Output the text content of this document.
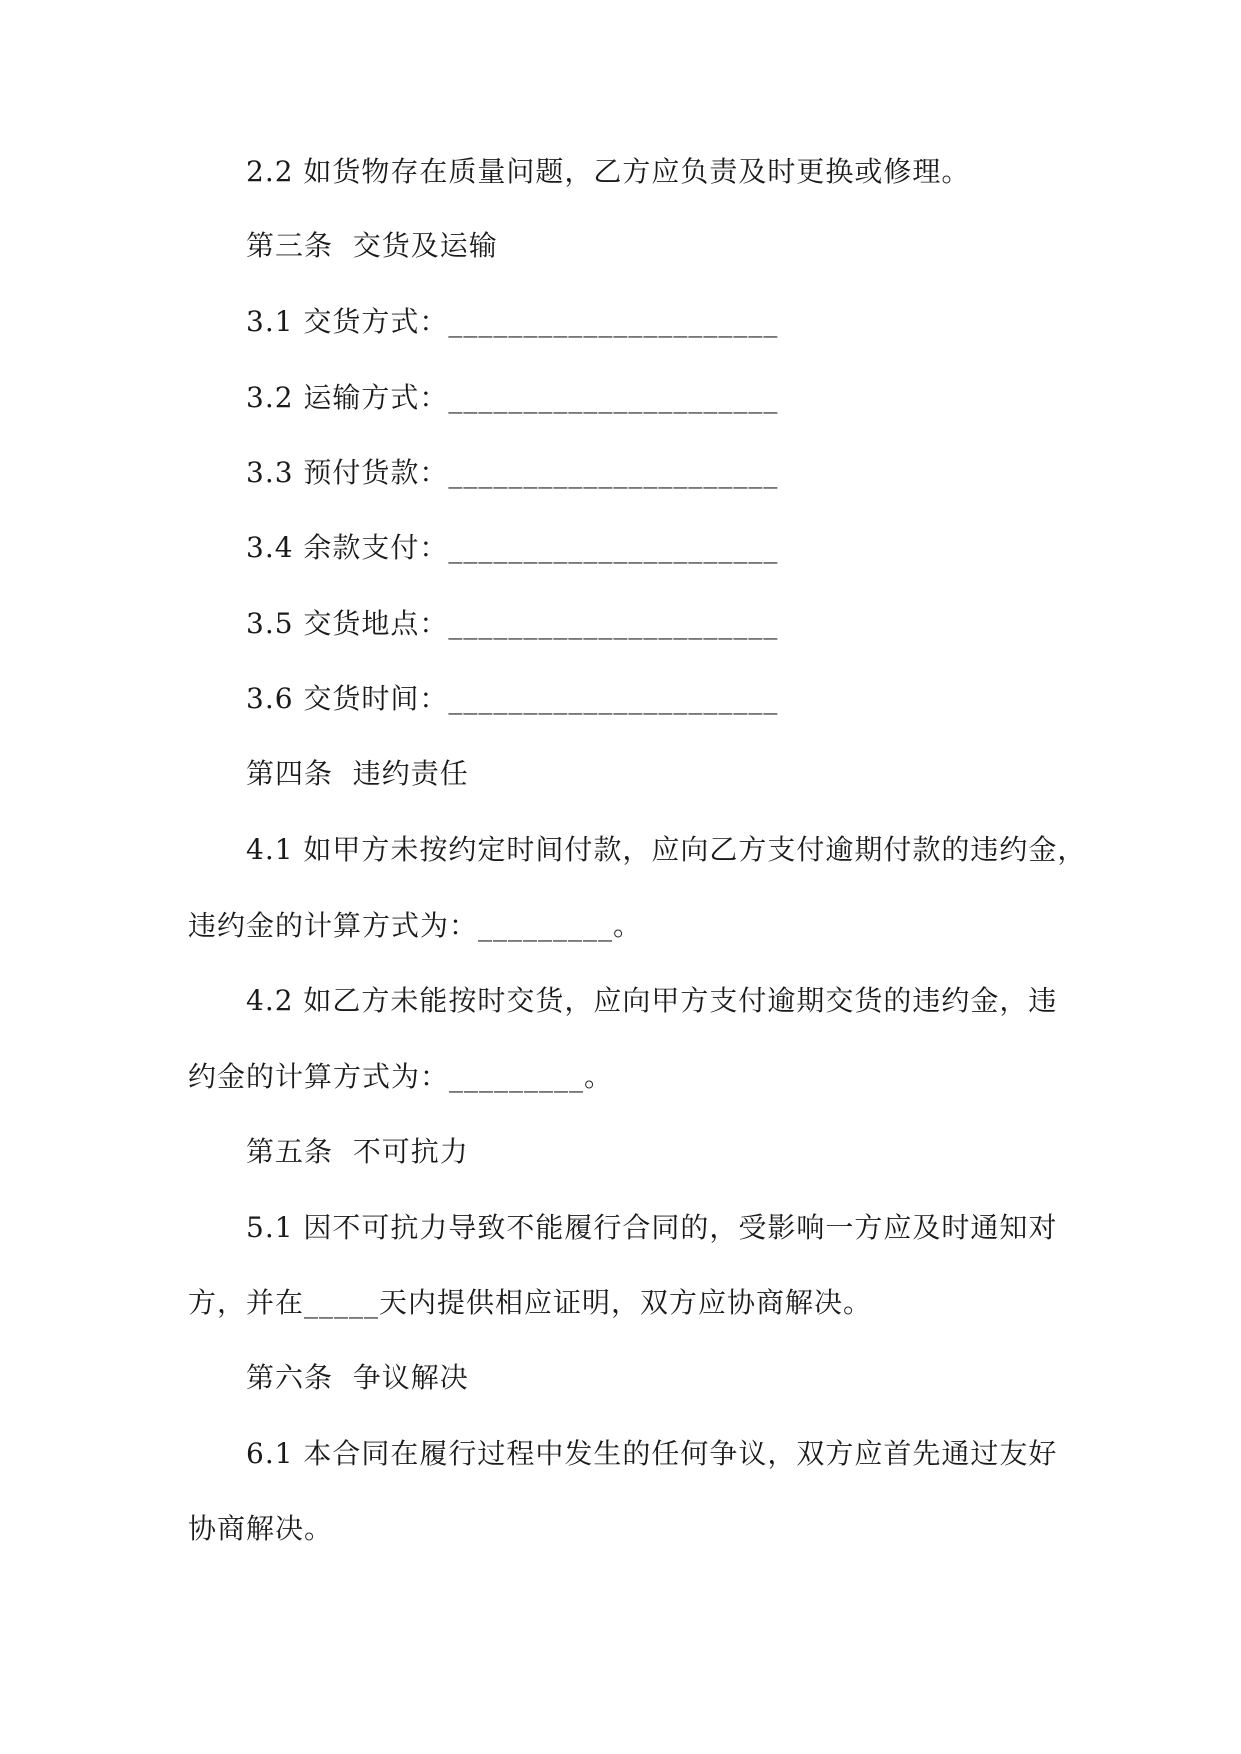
2.2 如货物存在质量问题，乙方应负责及时更换或修理。
第三条  交货及运输
3.1 交货方式：______________________
3.2 运输方式：______________________
3.3 预付货款：______________________
3.4 余款支付：______________________
3.5 交货地点：______________________
3.6 交货时间：______________________
第四条  违约责任
4.1 如甲方未按约定时间付款，应向乙方支付逾期付款的违约金，
违约金的计算方式为：_________。
4.2 如乙方未能按时交货，应向甲方支付逾期交货的违约金，违
约金的计算方式为：_________。
第五条  不可抗力
5.1 因不可抗力导致不能履行合同的，受影响一方应及时通知对
方，并在_____天内提供相应证明，双方应协商解决。
第六条  争议解决
6.1 本合同在履行过程中发生的任何争议，双方应首先通过友好
协商解决。
